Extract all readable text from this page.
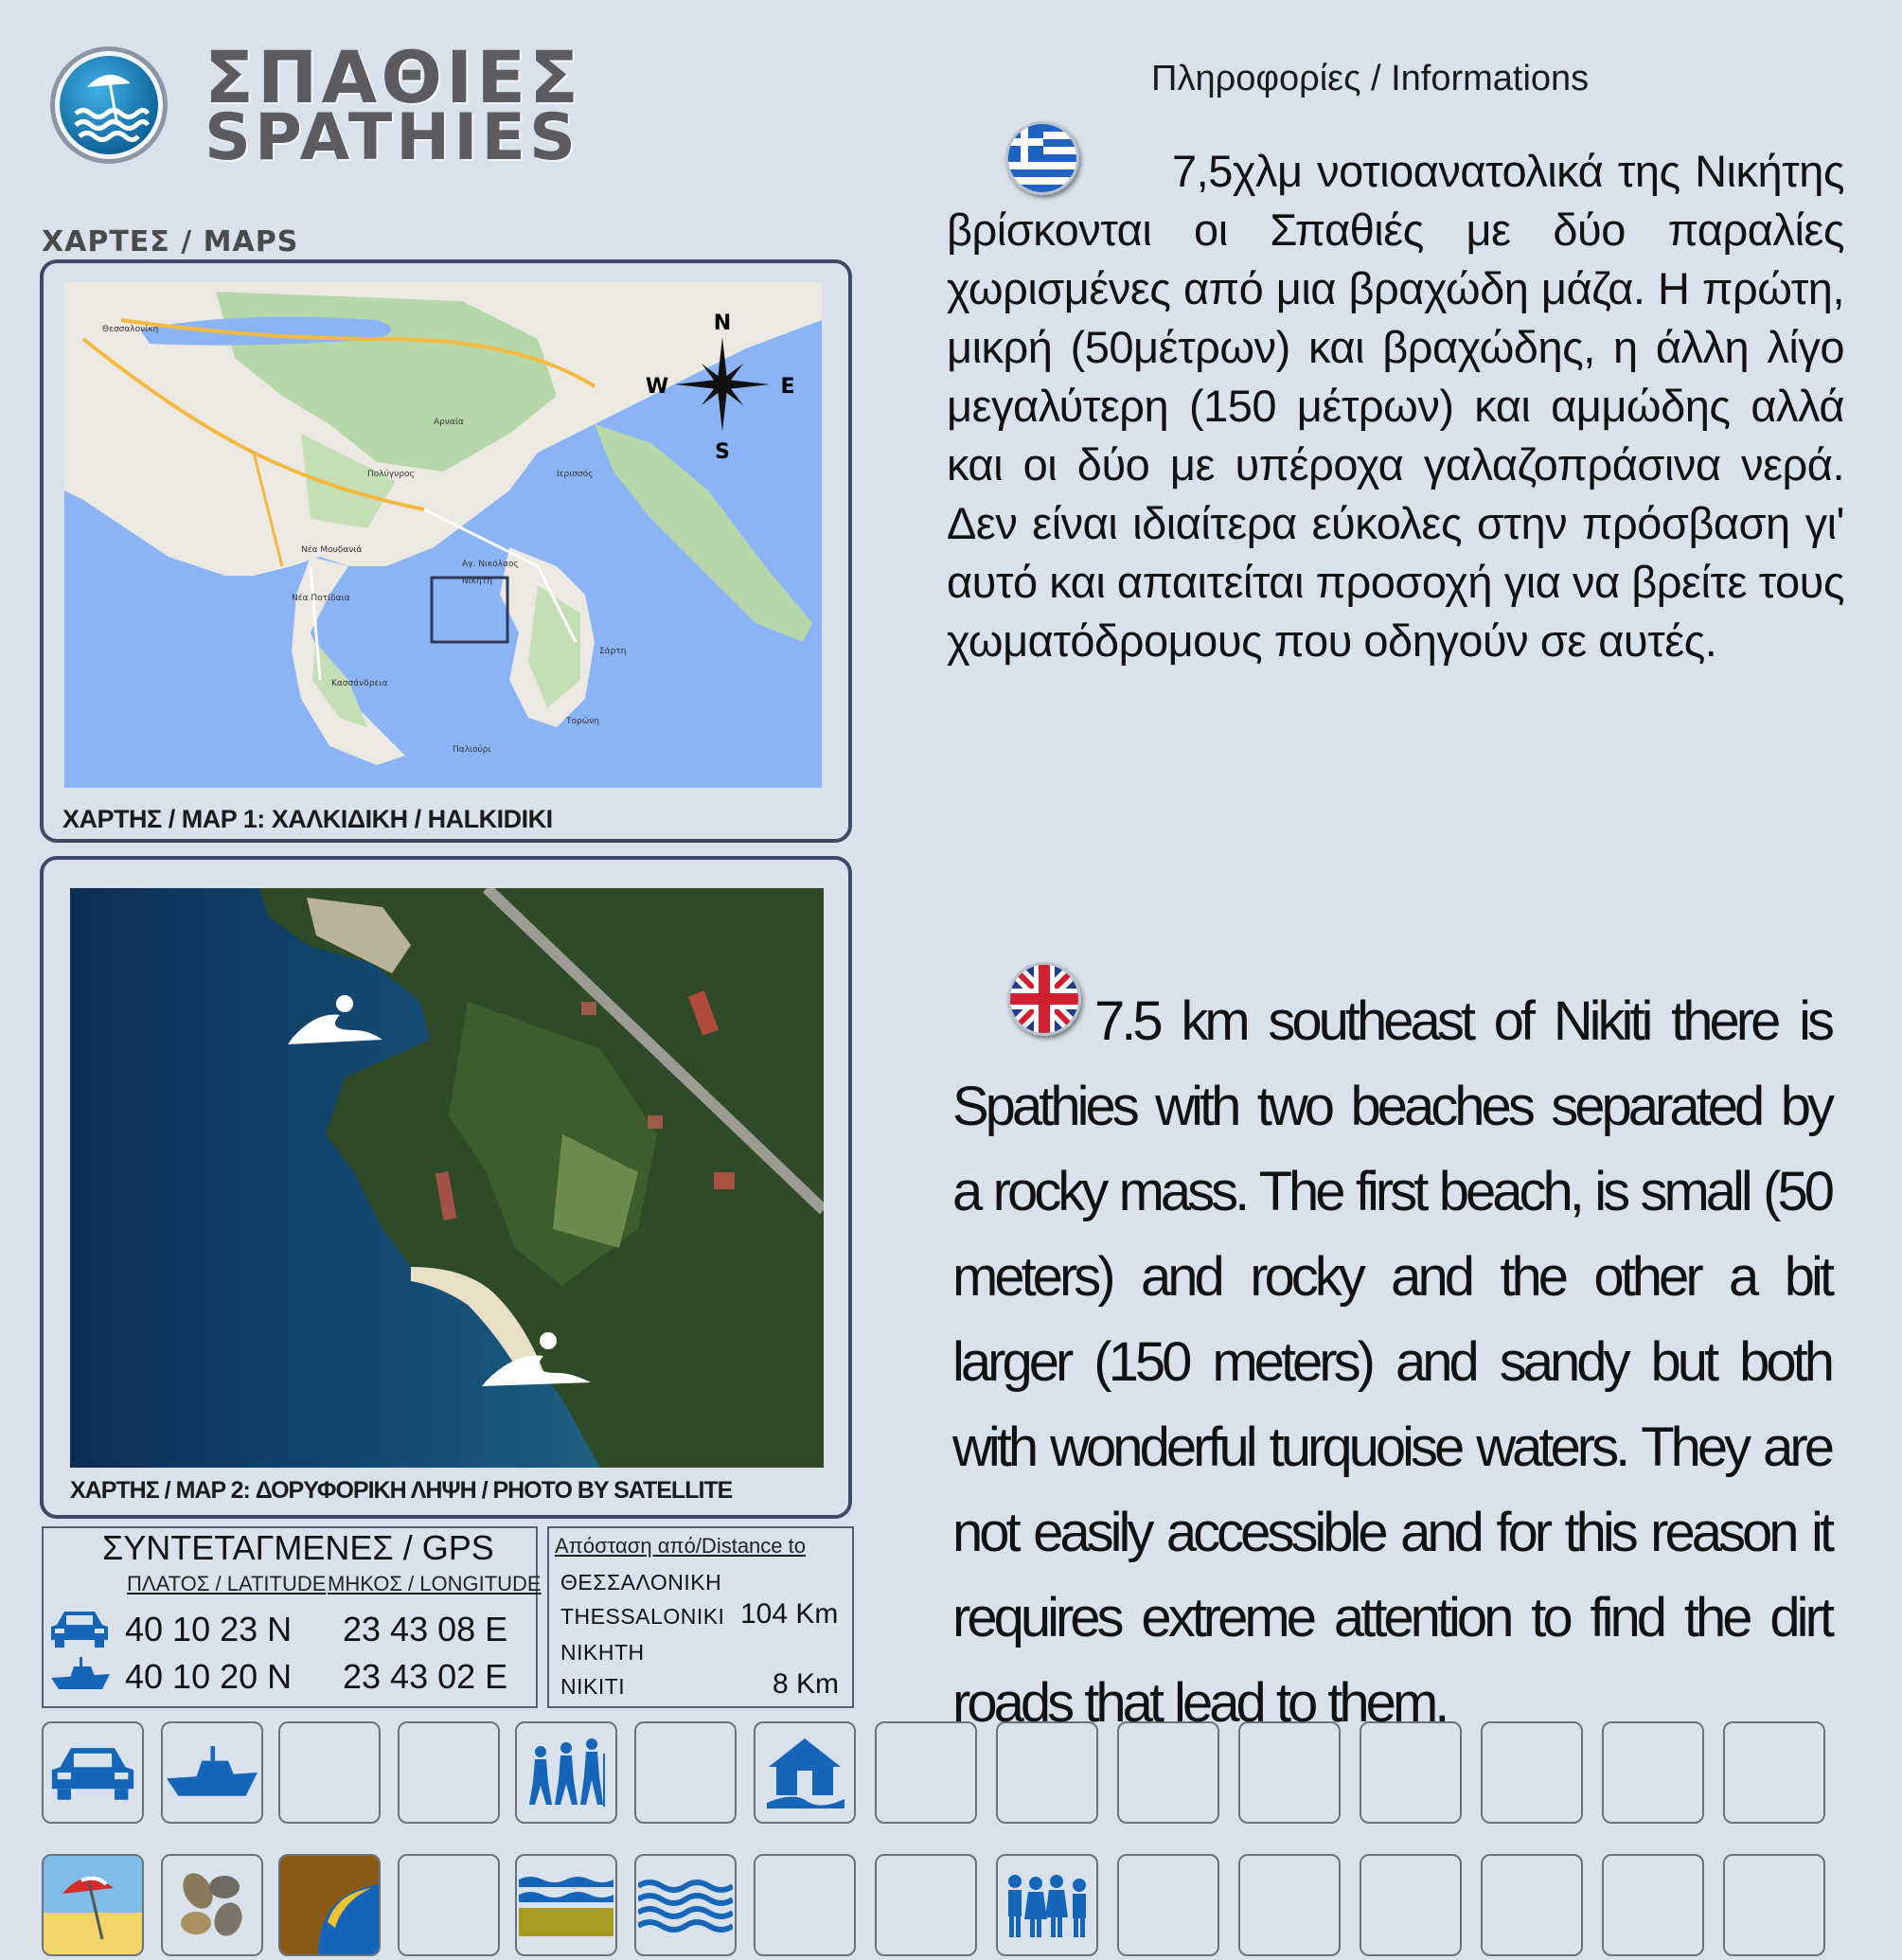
ΣΠΑΘΙΕΣ
SPATHIES
ΧΑΡΤΕΣ / MAPS
N
E
S
W
Θεσσαλονίκη
Πολύγυρος
Νέα Μουδανιά
Κασσάνδρεια
Νικήτη
Σάρτη
Τορώνη
Αγ. Νικόλαος
Ιερισσός
Αρναία
Νέα Ποτίδαια
Παλιούρι
ΧΑΡΤΗΣ / MAP 1: ΧΑΛΚΙΔΙΚΗ / HALKIDIKI
ΧΑΡΤΗΣ / MAP 2: ΔΟΡΥΦΟΡΙΚΗ ΛΗΨΗ / PHOTO BY SATELLITE
ΣΥΝΤΕΤΑΓΜΕΝΕΣ / GPS
ΠΛΑΤΟΣ / LATITUDE ΜΗΚΟΣ / LONGITUDE
40 10 23 N 23 43 08 E
40 10 20 N 23 43 02 E
Απόσταση από/Distance to
ΘΕΣΣΑΛΟΝΙΚΗ
THESSALONIKI 104 Km
ΝΙΚΗΤΗ
NIKITI	8 Km
Πληροφορίες / Informations
7,5χλμ νοτιοανατολικά της Νικήτης βρίσκονται οι Σπαθιές με δύο παραλίες χωρισμένες από μια βραχώδη μάζα. Η πρώτη, μικρή (50μέτρων) και βραχώδης, η άλλη λίγο μεγαλύτερη (150 μέτρων) και αμμώδης αλλά και οι δύο με υπέροχα γαλαζοπράσινα νερά. Δεν είναι ιδιαίτερα εύκολες στην πρόσβαση γι' αυτό και απαιτείται προσοχή για να βρείτε τους χωματόδρομους που οδηγούν σε αυτές.
7.5 km southeast of Nikiti there is Spathies with two beaches separated by a rocky mass. The first beach, is small (50 meters) and rocky and the other a bit larger (150 meters) and sandy but both with wonderful turquoise waters. They are not easily accessible and for this reason it requires extreme attention to find the dirt roads that lead to them.
